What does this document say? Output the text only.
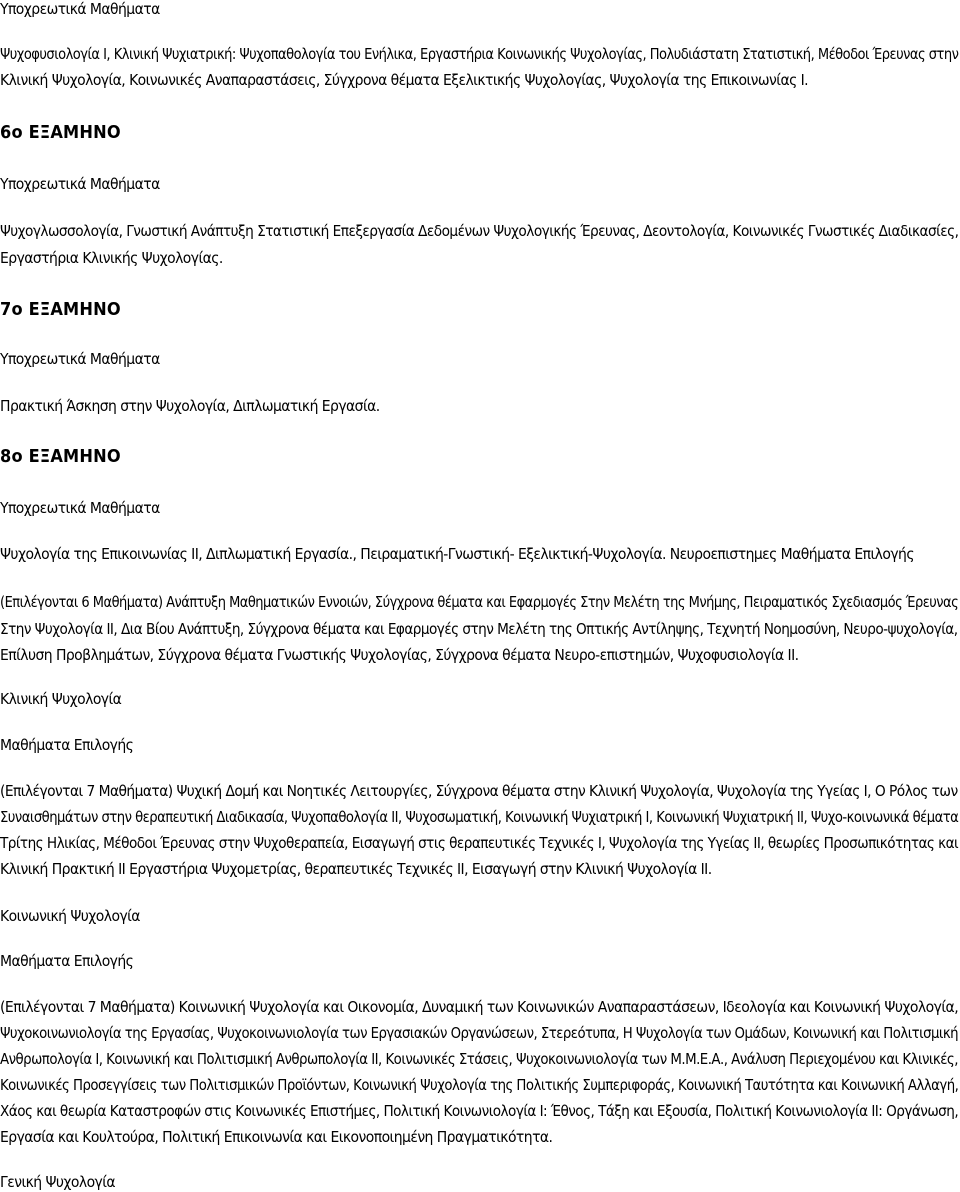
Υποχρεωτικά Μαθήματα
Ψυχοφυσιολογία Ι, Κλινική Ψυχιατρική: Ψυχοπαθολογία του Ενήλικα, Εργαστήρια Κοινωνικής Ψυχολογίας, Πολυδιάστατη Στατιστική, Μέθοδοι Έρευνας στην
Κλινική Ψυχολογία, Κοινωνικές Αναπαραστάσεις, Σύγχρονα θέματα Εξελικτικής Ψυχολογίας, Ψυχολογία της Επικοινωνίας Ι.
6ο ΕΞΑΜΗΝΟ
Υποχρεωτικά Μαθήματα
Ψυχογλωσσολογία, Γνωστική Ανάπτυξη Στατιστική Επεξεργασία Δεδομένων Ψυχολογικής Έρευνας, Δεοντολογία, Κοινωνικές Γνωστικές Διαδικασίες,
Εργαστήρια Κλινικής Ψυχολογίας.
7ο ΕΞΑΜΗΝΟ
Υποχρεωτικά Μαθήματα
Πρακτική Άσκηση στην Ψυχολογία, Διπλωματική Εργασία.
8ο ΕΞΑΜΗΝΟ
Υποχρεωτικά Μαθήματα
Ψυχολογία της Επικοινωνίας ΙΙ, Διπλωματική Εργασία., Πειραματική-Γνωστική- Εξελικτική-Ψυχολογία. Νευροεπιστημες Μαθήματα Επιλογής
(Επιλέγονται 6 Μαθήματα) Ανάπτυξη Μαθηματικών Εννοιών, Σύγχρονα θέματα και Εφαρμογές Στην Μελέτη της Μνήμης, Πειραματικός Σχεδιασμός Έρευνας
Στην Ψυχολογία ΙΙ, Δια Βίου Ανάπτυξη, Σύγχρονα θέματα και Εφαρμογές στην Μελέτη της Οπτικής Αντίληψης, Τεχνητή Νοημοσύνη, Νευρο-ψυχολογία,
Επίλυση Προβλημάτων, Σύγχρονα θέματα Γνωστικής Ψυχολογίας, Σύγχρονα θέματα Νευρο-επιστημών, Ψυχοφυσιολογία ΙΙ.
Κλινική Ψυχολογία
Μαθήματα Επιλογής
(Επιλέγονται 7 Μαθήματα) Ψυχική Δομή και Νοητικές Λειτουργίες, Σύγχρονα θέματα στην Κλινική Ψυχολογία, Ψυχολογία της Υγείας Ι, Ο Ρόλος των
Συναισθημάτων στην θεραπευτική Διαδικασία, Ψυχοπαθολογία ΙΙ, Ψυχοσωματική, Κοινωνική Ψυχιατρική Ι, Κοινωνική Ψυχιατρική ΙΙ, Ψυχο-κοινωνικά θέματα
Τρίτης Ηλικίας, Μέθοδοι Έρευνας στην Ψυχοθεραπεία, Εισαγωγή στις θεραπευτικές Τεχνικές Ι, Ψυχολογία της Υγείας ΙΙ, θεωρίες Προσωπικότητας και
Κλινική Πρακτική ΙΙ Εργαστήρια Ψυχομετρίας, θεραπευτικές Τεχνικές ΙΙ, Εισαγωγή στην Κλινική Ψυχολογία ΙΙ.
Κοινωνική Ψυχολογία
Μαθήματα Επιλογής
(Επιλέγονται 7 Μαθήματα) Κοινωνική Ψυχολογία και Οικονομία, Δυναμική των Κοινωνικών Αναπαραστάσεων, Ιδεολογία και Κοινωνική Ψυχολογία,
Ψυχοκοινωνιολογία της Εργασίας, Ψυχοκοινωνιολογία των Εργασιακών Οργανώσεων, Στερεότυπα, Η Ψυχολογία των Ομάδων, Κοινωνική και Πολιτισμική
Ανθρωπολογία Ι, Κοινωνική και Πολιτισμική Ανθρωπολογία ΙΙ, Κοινωνικές Στάσεις, Ψυχοκοινωνιολογία των Μ.Μ.Ε.Α., Ανάλυση Περιεχομένου και Κλινικές,
Κοινωνικές Προσεγγίσεις των Πολιτισμικών Προϊόντων, Κοινωνική Ψυχολογία της Πολιτικής Συμπεριφοράς, Κοινωνική Ταυτότητα και Κοινωνική Αλλαγή,
Χάος και θεωρία Καταστροφών στις Κοινωνικές Επιστήμες, Πολιτική Κοινωνιολογία Ι: Έθνος, Τάξη και Εξουσία, Πολιτική Κοινωνιολογία ΙΙ: Οργάνωση,
Εργασία και Κουλτούρα, Πολιτική Επικοινωνία και Εικονοποιημένη Πραγματικότητα.
Γενική Ψυχολογία
